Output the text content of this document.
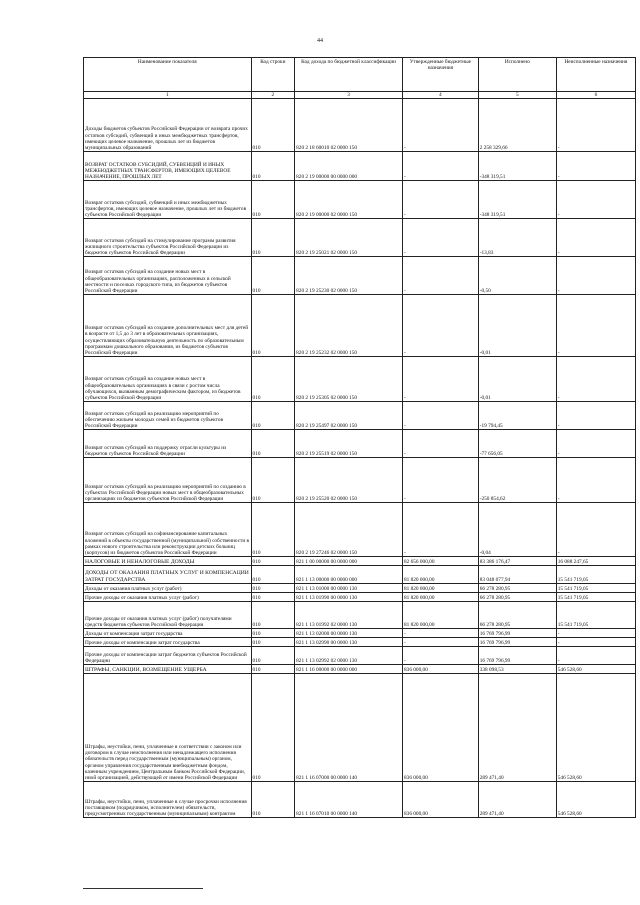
44
Наименование показателя	Код строки	Код дохода по бюджетной классификации	Утвержденные бюджетные назначения	Исполнено	Неисполненные назначения
1	2	3	4	5	6
Доходы бюджетов субъектов Российской Федерации от возврата прочих остатков субсидий, субвенций и иных межбюджетных трансфертов, имеющих целевое назначение, прошлых лет из бюджетов муниципальных образований	010	820 2 18 60010 02 0000 150	-	2 258 329,66	-
ВОЗВРАТ ОСТАТКОВ СУБСИДИЙ, СУБВЕНЦИЙ И ИНЫХ МЕЖБЮДЖЕТНЫХ ТРАНСФЕРТОВ, ИМЕЮЩИХ ЦЕЛЕВОЕ НАЗНАЧЕНИЕ, ПРОШЛЫХ ЛЕТ	010	820 2 19 00000 00 0000 000	-	-348 319,51	-
Возврат остатков субсидий, субвенций и иных межбюджетных трансфертов, имеющих целевое назначение, прошлых лет из бюджетов субъектов Российской Федерации	010	820 2 19 00000 02 0000 150	-	-348 319,51	-
Возврат остатков субсидий на стимулирование программ развития жилищного строительства субъектов Российской Федерации из бюджетов субъектов Российской Федерации	010	820 2 19 25021 02 0000 150	-	-13,83	-
Возврат остатков субсидий на создание новых мест в общеобразовательных организациях, расположенных в сельской местности и поселках городского типа, из бюджетов субъектов Российской Федерации	010	820 2 19 25230 02 0000 150	-	-0,50	-
Возврат остатков субсидий на создание дополнительных мест для детей в возрасте от 1,5 до 3 лет в образовательных организациях, осуществляющих образовательную деятельность по образовательным программам дошкольного образования, из бюджетов субъектов Российской Федерации	010	820 2 19 25232 02 0000 150	-	-0,01	-
Возврат остатков субсидий на создание новых мест в общеобразовательных организациях в связи с ростом числа обучающихся, вызванным демографическим фактором, из бюджетов субъектов Российской Федерации	010	820 2 19 25305 02 0000 150	-	-0,01	-
Возврат остатков субсидий на реализацию мероприятий по обеспечению жильем молодых семей из бюджетов субъектов Российской Федерации	010	820 2 19 25497 02 0000 150	-	-19 794,45	-
Возврат остатков субсидий на поддержку отрасли культуры из бюджетов субъектов Российской Федерации	010	820 2 19 25519 02 0000 150	-	-77 656,05	-
Возврат остатков субсидий на реализацию мероприятий по созданию в субъектах Российской Федерации новых мест в общеобразовательных организациях из бюджетов субъектов Российской Федерации	010	820 2 19 25520 02 0000 150	-	-250 854,62	-
Возврат остатков субсидий на софинансирование капитальных вложений в объекты государственной (муниципальной) собственности в рамках нового строительства или реконструкции детских больниц (корпусов) из бюджетов субъектов Российской Федерации	010	820 2 19 27246 02 0000 150	-	-0,04	-
НАЛОГОВЫЕ И НЕНАЛОГОВЫЕ ДОХОДЫ	010	821 1 00 00000 00 0000 000	82 656 000,00	83 386 176,47	16 088 247,65
ДОХОДЫ ОТ ОКАЗАНИЯ ПЛАТНЫХ УСЛУГ И КОМПЕНСАЦИИ ЗАТРАТ ГОСУДАРСТВА	010	821 1 13 00000 00 0000 000	81 820 000,00	83 048 077,94	15 541 719,05
Доходы от оказания платных услуг (работ)	010	821 1 13 01000 00 0000 130	81 820 000,00	66 278 280,95	15 541 719,05
Прочие доходы от оказания платных услуг (работ)	010	821 1 13 01990 00 0000 130	81 820 000,00	66 278 280,95	15 541 719,05
Прочие доходы от оказания платных услуг (работ) получателями средств бюджетов субъектов Российской Федерации	010	821 1 13 01992 02 0000 130	81 820 000,00	66 278 280,95	15 541 719,05
Доходы от компенсации затрат государства	010	821 1 13 02000 00 0000 130	-	16 769 796,99	-
Прочие доходы от компенсации затрат государства	010	821 1 13 02990 00 0000 130	-	16 769 796,99	-
Прочие доходы от компенсации затрат бюджетов субъектов Российской Федерации	010	821 1 13 02992 02 0000 130	-	16 769 796,99	-
ШТРАФЫ, САНКЦИИ, ВОЗМЕЩЕНИЕ УЩЕРБА	010	821 1 16 00000 00 0000 000	836 000,00	338 098,53	546 528,60
Штрафы, неустойки, пени, уплаченные в соответствии с законом или договором в случае неисполнения или ненадлежащего исполнения обязательств перед государственным (муниципальным) органом, органом управления государственным внебюджетным фондом, казенным учреждением, Центральным банком Российской Федерации, иной организацией, действующей от имени Российской Федерации	010	821 1 16 07000 00 0000 140	836 000,00	289 471,40	546 528,60
Штрафы, неустойки, пени, уплаченные в случае просрочки исполнения поставщиком (подрядчиком, исполнителем) обязательств, предусмотренных государственным (муниципальным) контрактом	010	821 1 16 07010 00 0000 140	836 000,00	289 471,40	546 528,60
